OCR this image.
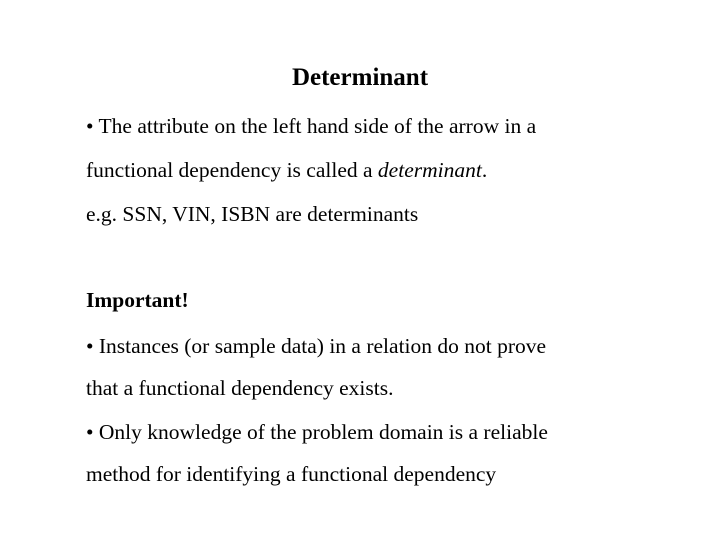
Determinant

• The attribute on the left hand side of the arrow in a

functional dependency is called a determinant.

e.g. SSN, VIN, ISBN are determinants

Important!

• Instances (or sample data) in a relation do not prove

that a functional dependency exists.

• Only knowledge of the problem domain is a reliable

method for identifying a functional dependency
